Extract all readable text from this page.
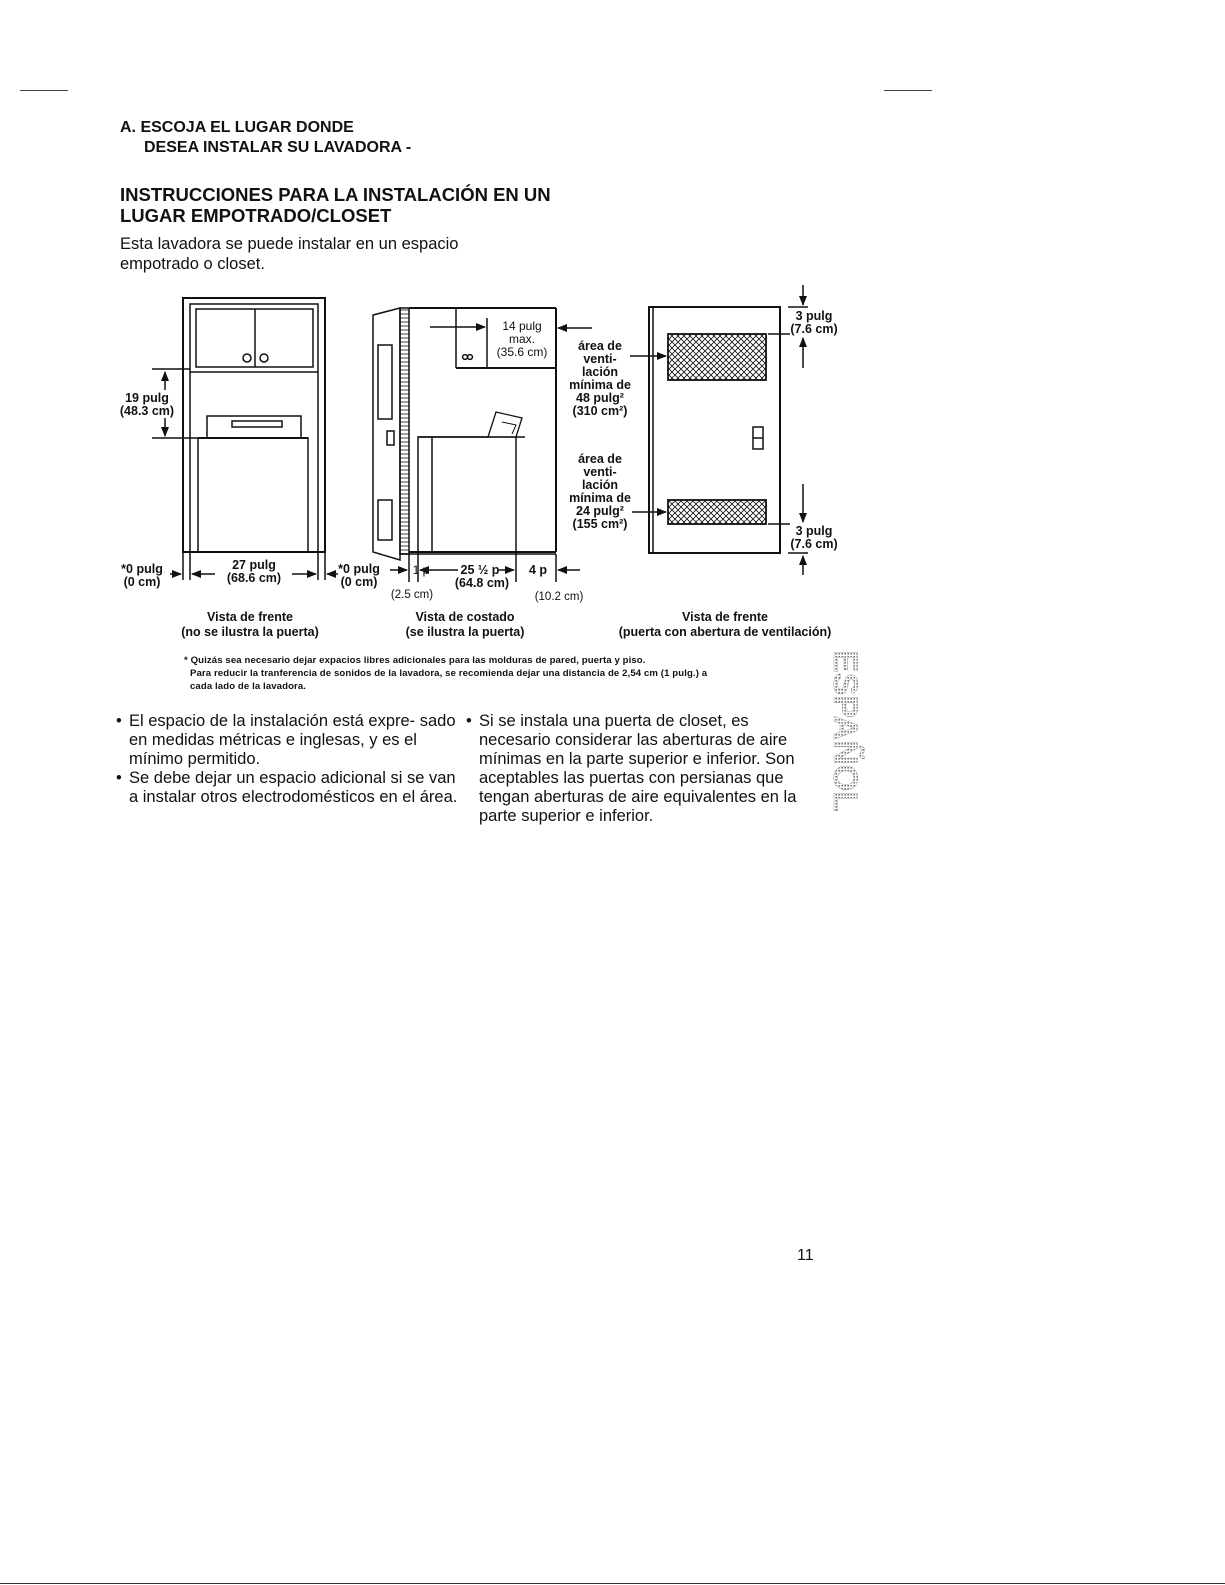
A. ESCOJA EL LUGAR DONDE
DESEA INSTALAR SU LAVADORA -
INSTRUCCIONES PARA LA INSTALACIÓN EN UN
LUGAR EMPOTRADO/CLOSET
Esta lavadora se puede instalar en un espacio
empotrado o closet.
19 pulg
(48.3 cm)
*0 pulg
(0 cm)
27 pulg
(68.6 cm)
*0 pulg
(0 cm)
Vista de frente
(no se ilustra la puerta)
14 pulg
max.
(35.6 cm)
1 p
(2.5 cm)
25 ½ p
(64.8 cm)
4 p
(10.2 cm)
área de
venti-
lación
mínima de
48 pulg²
(310 cm²)
área de
venti-
lación
mínima de
24 pulg²
(155 cm²)
Vista de costado
(se ilustra la puerta)
3 pulg
(7.6 cm)
3 pulg
(7.6 cm)
Vista de frente
(puerta con abertura de ventilación)
* Quizás sea necesario dejar expacios libres adicionales para las molduras de pared, puerta y piso.
Para reducir la tranferencia de sonidos de la lavadora, se recomienda dejar una distancia de 2,54 cm (1 pulg.) a
cada lado de la lavadora.
• El espacio de la instalación está expre- sado en medidas métricas e inglesas, y es el mínimo permitido.
• Se debe dejar un espacio adicional si se van a instalar otros electrodomésticos en el área.
• Si se instala una puerta de closet, es necesario considerar las aberturas de aire mínimas en la parte superior e inferior. Son aceptables las puertas con persianas que tengan aberturas de aire equivalentes en la parte superior e inferior.
ESPAÑOL
11
